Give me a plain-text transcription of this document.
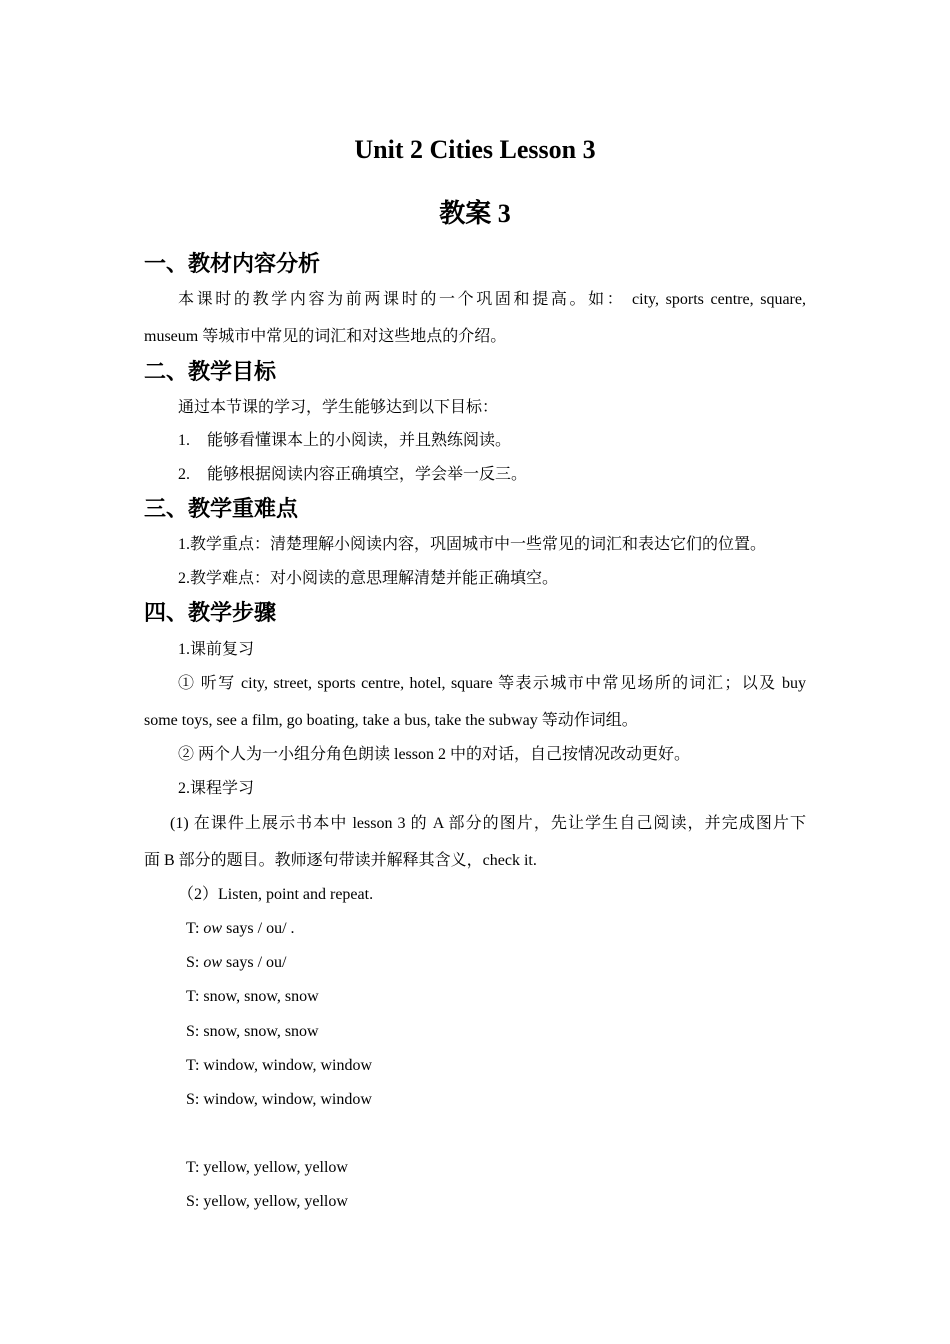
Unit 2 Cities Lesson 3
教案 3
一、教材内容分析
本课时的教学内容为前两课时的一个巩固和提高。如： city, sports centre, square,
museum 等城市中常见的词汇和对这些地点的介绍。
二、教学目标
通过本节课的学习，学生能够达到以下目标：
1. 能够看懂课本上的小阅读，并且熟练阅读。
2. 能够根据阅读内容正确填空，学会举一反三。
三、教学重难点
1.教学重点：清楚理解小阅读内容，巩固城市中一些常见的词汇和表达它们的位置。
2.教学难点：对小阅读的意思理解清楚并能正确填空。
四、教学步骤
1.课前复习
① 听写 city, street, sports centre, hotel, square 等表示城市中常见场所的词汇；以及 buy
some toys, see a film, go boating, take a bus, take the subway 等动作词组。
② 两个人为一小组分角色朗读 lesson 2 中的对话，自己按情况改动更好。
2.课程学习
(1) 在课件上展示书本中 lesson 3 的 A 部分的图片，先让学生自己阅读，并完成图片下
面 B 部分的题目。教师逐句带读并解释其含义，check it.
（2）Listen, point and repeat.
T: ow says / ou/ .
S: ow says / ou/
T: snow, snow, snow
S: snow, snow, snow
T: window, window, window
S: window, window, window
T: yellow, yellow, yellow
S: yellow, yellow, yellow
